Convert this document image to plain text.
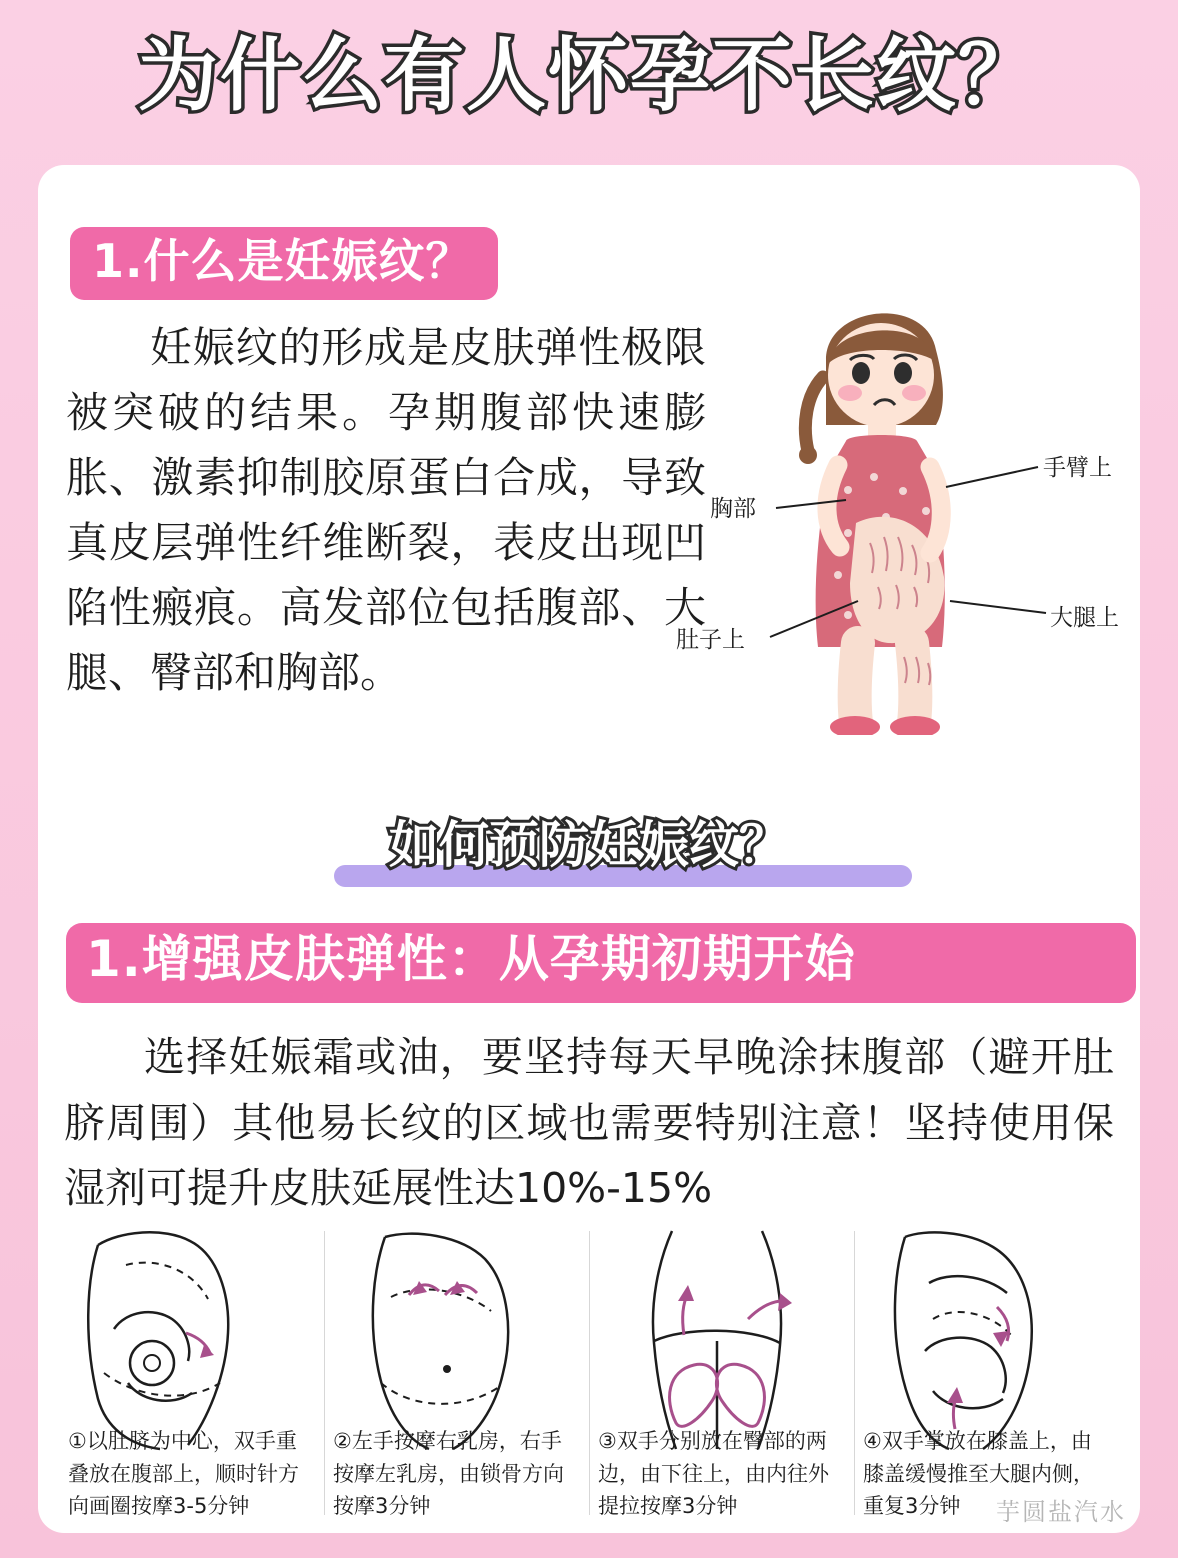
为什么有人怀孕不长纹？
1.什么是妊娠纹？
妊娠纹的形成是皮肤弹性极限被突破的结果。孕期腹部快速膨胀、激素抑制胶原蛋白合成，导致真皮层弹性纤维断裂，表皮出现凹陷性瘢痕。高发部位包括腹部、大腿、臀部和胸部。
胸部
手臂上
肚子上
大腿上
如何预防妊娠纹？
1.增强皮肤弹性：从孕期初期开始
选择妊娠霜或油，要坚持每天早晚涂抹腹部（避开肚脐周围）其他易长纹的区域也需要特别注意！坚持使用保湿剂可提升皮肤延展性达10%-15%
①以肚脐为中心，双手重叠放在腹部上，顺时针方向画圈按摩3-5分钟
②左手按摩右乳房，右手按摩左乳房，由锁骨方向按摩3分钟
③双手分别放在臀部的两边，由下往上，由内往外提拉按摩3分钟
④双手掌放在膝盖上，由膝盖缓慢推至大腿内侧，重复3分钟	芋圆盐汽水
